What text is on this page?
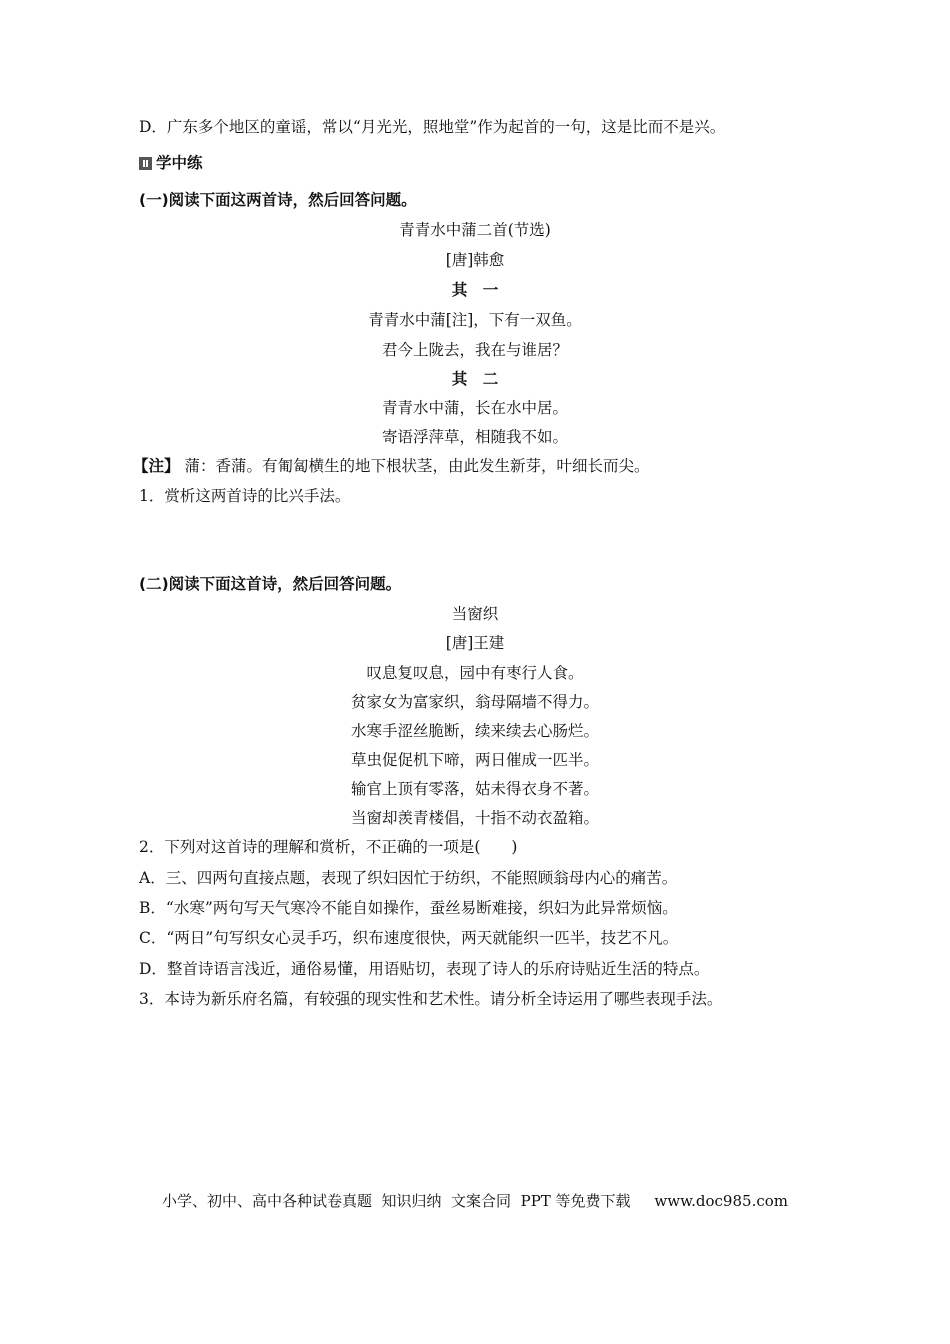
D．广东多个地区的童谣，常以“月光光，照地堂”作为起首的一句，这是比而不是兴。
学中练
(一)阅读下面这两首诗，然后回答问题。
青青水中蒲二首(节选)
[唐]韩愈
其　一
青青水中蒲[注]，下有一双鱼。
君今上陇去，我在与谁居？
其　二
青青水中蒲，长在水中居。
寄语浮萍草，相随我不如。
【注】 蒲：香蒲。有匍匐横生的地下根状茎，由此发生新芽，叶细长而尖。
1．赏析这两首诗的比兴手法。
(二)阅读下面这首诗，然后回答问题。
当窗织
[唐]王建
叹息复叹息，园中有枣行人食。
贫家女为富家织，翁母隔墙不得力。
水寒手涩丝脆断，续来续去心肠烂。
草虫促促机下啼，两日催成一匹半。
输官上顶有零落，姑未得衣身不著。
当窗却羡青楼倡，十指不动衣盈箱。
2．下列对这首诗的理解和赏析，不正确的一项是(　　)
A．三、四两句直接点题，表现了织妇因忙于纺织，不能照顾翁母内心的痛苦。
B．“水寒”两句写天气寒冷不能自如操作，蚕丝易断难接，织妇为此异常烦恼。
C．“两日”句写织女心灵手巧，织布速度很快，两天就能织一匹半，技艺不凡。
D．整首诗语言浅近，通俗易懂，用语贴切，表现了诗人的乐府诗贴近生活的特点。
3．本诗为新乐府名篇，有较强的现实性和艺术性。请分析全诗运用了哪些表现手法。
小学、初中、高中各种试卷真题  知识归纳  文案合同  PPT 等免费下载     www.doc985.com
